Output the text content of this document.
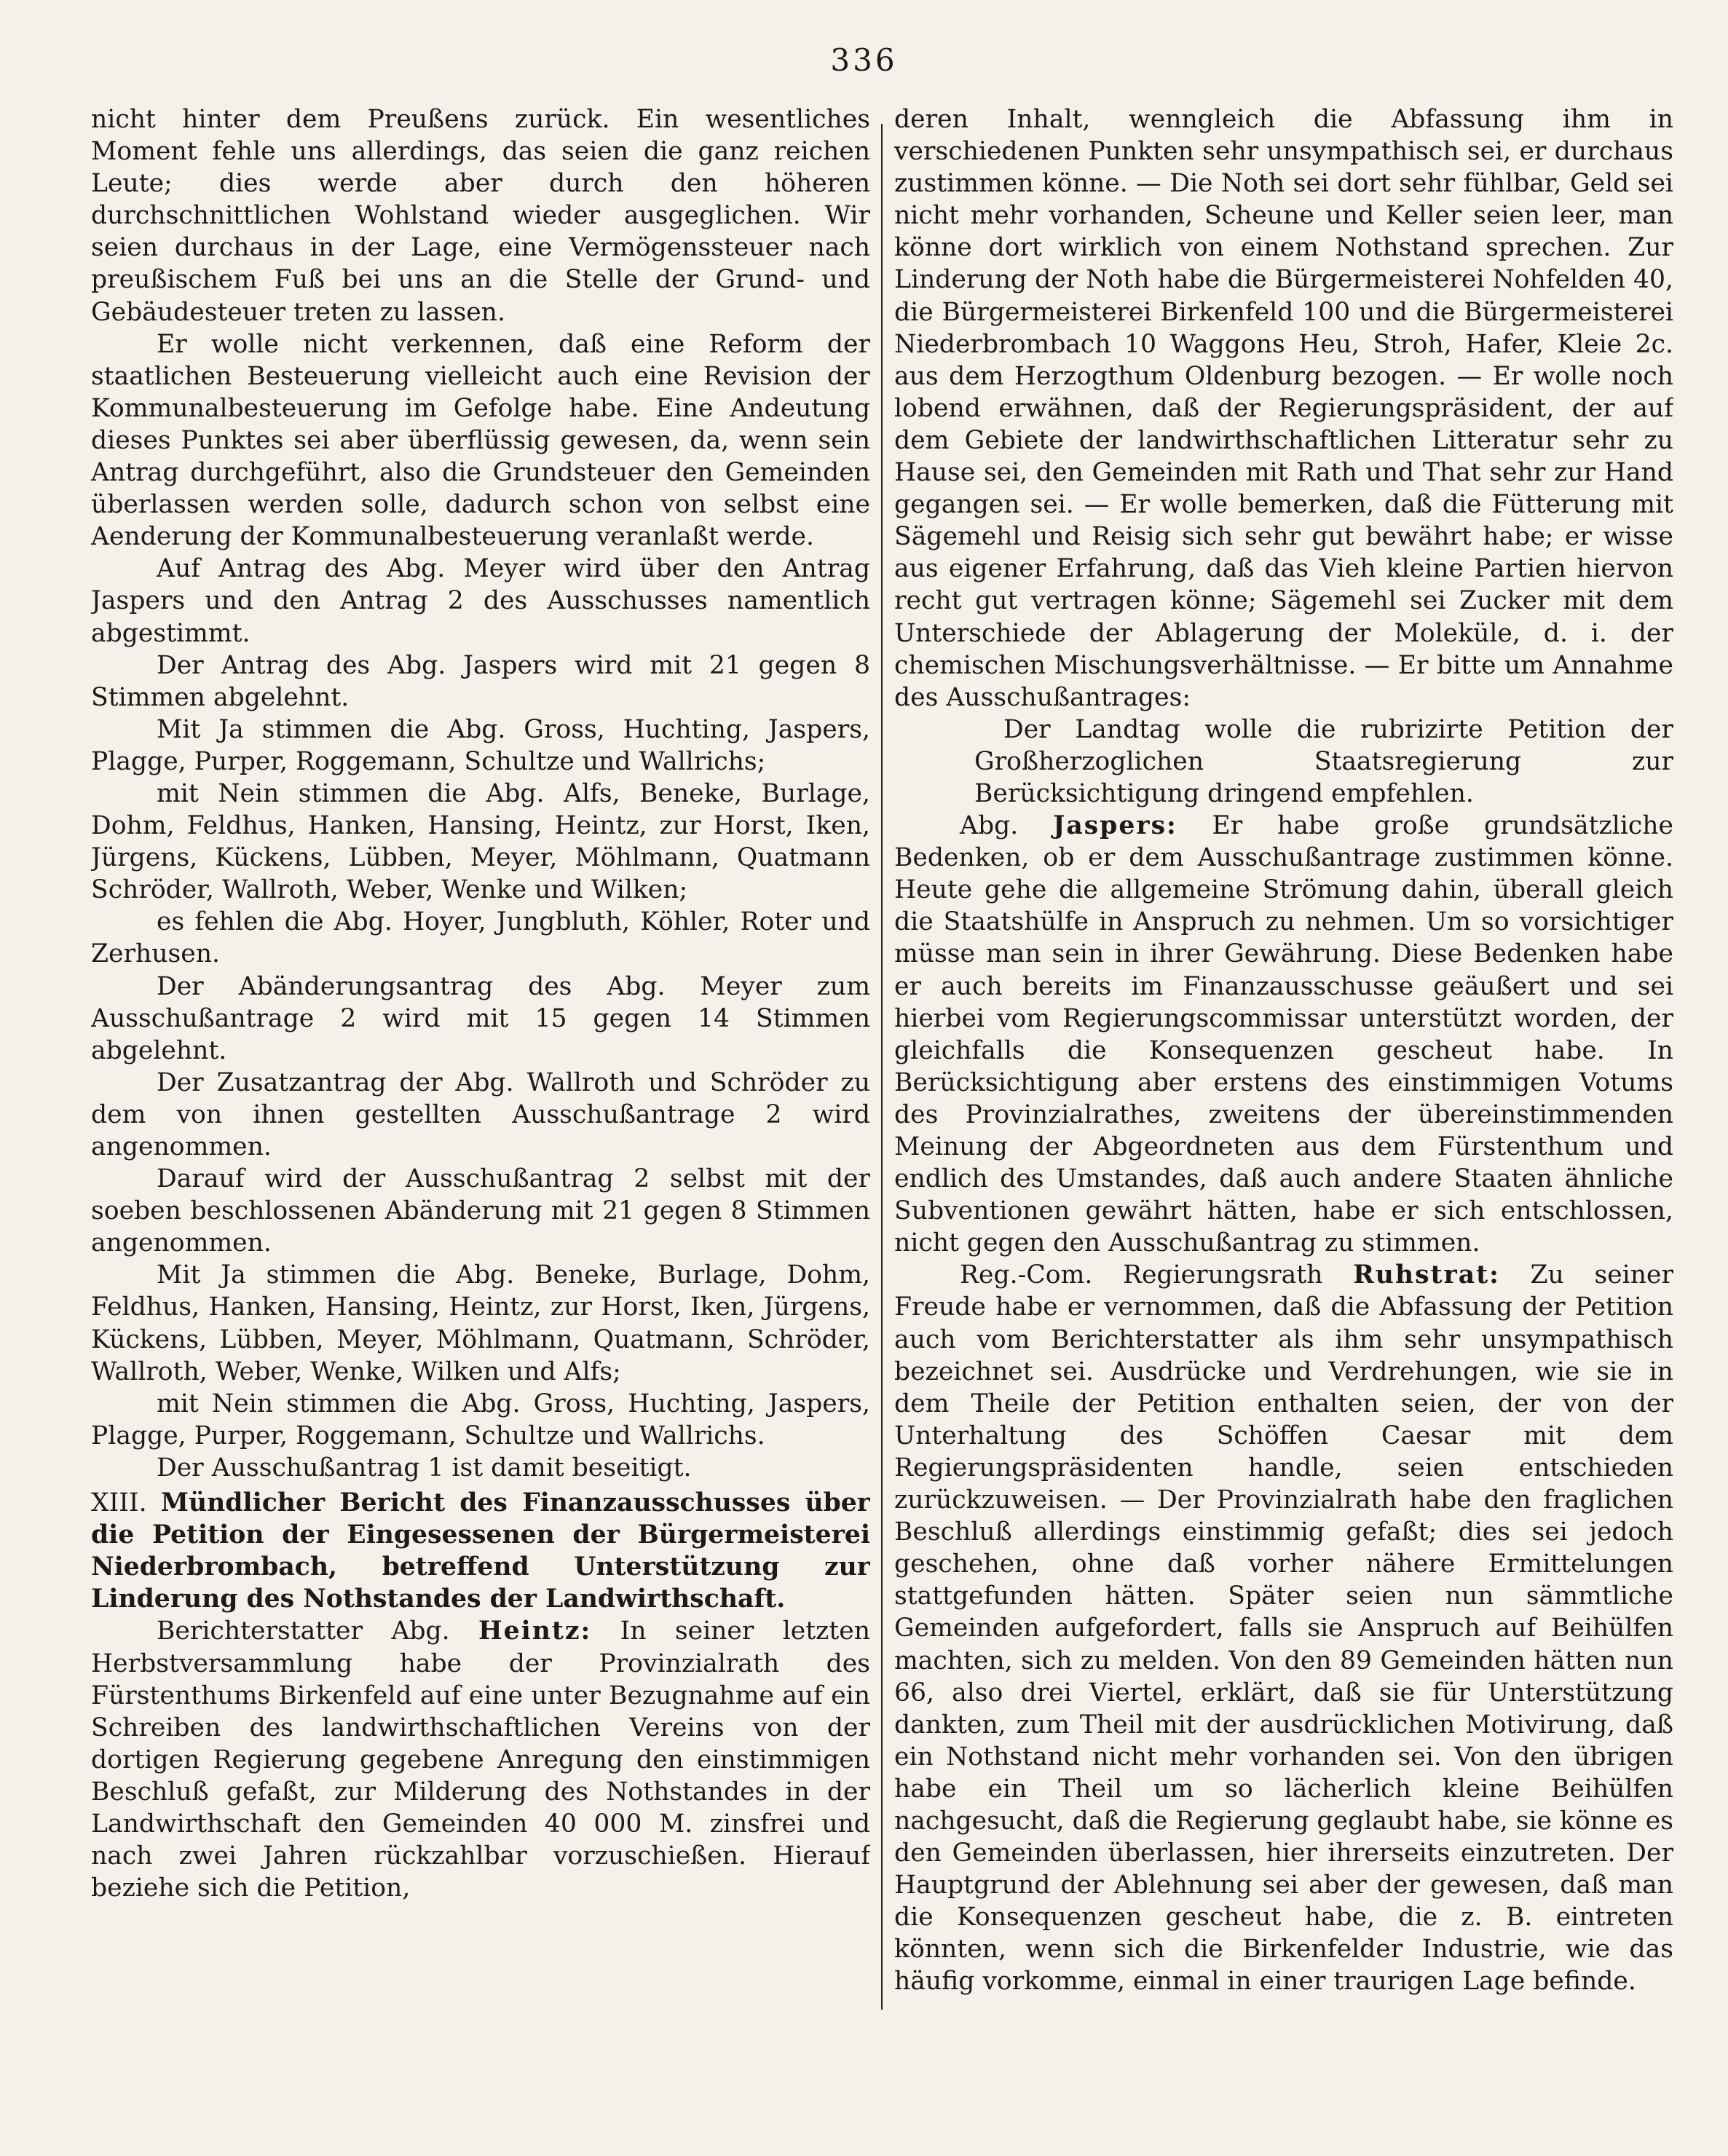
336

nicht hinter dem Preußens zurück. Ein wesentliches Moment fehle uns allerdings, das seien die ganz reichen Leute; dies werde aber durch den höheren durchschnittlichen Wohlstand wieder ausgeglichen. Wir seien durchaus in der Lage, eine Vermögenssteuer nach preußischem Fuß bei uns an die Stelle der Grund- und Gebäudesteuer treten zu lassen.

Er wolle nicht verkennen, daß eine Reform der staatlichen Besteuerung vielleicht auch eine Revision der Kommunalbesteuerung im Gefolge habe. Eine Andeutung dieses Punktes sei aber überflüssig gewesen, da, wenn sein Antrag durchgeführt, also die Grundsteuer den Gemeinden überlassen werden solle, dadurch schon von selbst eine Aenderung der Kommunalbesteuerung veranlaßt werde.

Auf Antrag des Abg. Meyer wird über den Antrag Jaspers und den Antrag 2 des Ausschusses namentlich abgestimmt.

Der Antrag des Abg. Jaspers wird mit 21 gegen 8 Stimmen abgelehnt.

Mit Ja stimmen die Abg. Gross, Huchting, Jaspers, Plagge, Purper, Roggemann, Schultze und Wallrichs;

mit Nein stimmen die Abg. Alfs, Beneke, Burlage, Dohm, Feldhus, Hanken, Hansing, Heintz, zur Horst, Iken, Jürgens, Kückens, Lübben, Meyer, Möhlmann, Quatmann Schröder, Wallroth, Weber, Wenke und Wilken;

es fehlen die Abg. Hoyer, Jungbluth, Köhler, Roter und Zerhusen.

Der Abänderungsantrag des Abg. Meyer zum Ausschußantrage 2 wird mit 15 gegen 14 Stimmen abgelehnt.

Der Zusatzantrag der Abg. Wallroth und Schröder zu dem von ihnen gestellten Ausschußantrage 2 wird angenommen.

Darauf wird der Ausschußantrag 2 selbst mit der soeben beschlossenen Abänderung mit 21 gegen 8 Stimmen angenommen.

Mit Ja stimmen die Abg. Beneke, Burlage, Dohm, Feldhus, Hanken, Hansing, Heintz, zur Horst, Iken, Jürgens, Kückens, Lübben, Meyer, Möhlmann, Quatmann, Schröder, Wallroth, Weber, Wenke, Wilken und Alfs;

mit Nein stimmen die Abg. Gross, Huchting, Jaspers, Plagge, Purper, Roggemann, Schultze und Wallrichs.

Der Ausschußantrag 1 ist damit beseitigt.

XIII. Mündlicher Bericht des Finanzausschusses über die Petition der Eingesessenen der Bürgermeisterei Niederbrombach, betreffend Unterstützung zur Linderung des Nothstandes der Landwirthschaft.

Berichterstatter Abg. Heintz: In seiner letzten Herbstversammlung habe der Provinzialrath des Fürstenthums Birkenfeld auf eine unter Bezugnahme auf ein Schreiben des landwirthschaftlichen Vereins von der dortigen Regierung gegebene Anregung den einstimmigen Beschluß gefaßt, zur Milderung des Nothstandes in der Landwirthschaft den Gemeinden 40 000 M. zinsfrei und nach zwei Jahren rückzahlbar vorzuschießen. Hierauf beziehe sich die Petition,

deren Inhalt, wenngleich die Abfassung ihm in verschiedenen Punkten sehr unsympathisch sei, er durchaus zustimmen könne. — Die Noth sei dort sehr fühlbar, Geld sei nicht mehr vorhanden, Scheune und Keller seien leer, man könne dort wirklich von einem Nothstand sprechen. Zur Linderung der Noth habe die Bürgermeisterei Nohfelden 40, die Bürgermeisterei Birkenfeld 100 und die Bürgermeisterei Niederbrombach 10 Waggons Heu, Stroh, Hafer, Kleie 2c. aus dem Herzogthum Oldenburg bezogen. — Er wolle noch lobend erwähnen, daß der Regierungspräsident, der auf dem Gebiete der landwirthschaftlichen Litteratur sehr zu Hause sei, den Gemeinden mit Rath und That sehr zur Hand gegangen sei. — Er wolle bemerken, daß die Fütterung mit Sägemehl und Reisig sich sehr gut bewährt habe; er wisse aus eigener Erfahrung, daß das Vieh kleine Partien hiervon recht gut vertragen könne; Sägemehl sei Zucker mit dem Unterschiede der Ablagerung der Moleküle, d. i. der chemischen Mischungsverhältnisse. — Er bitte um Annahme des Ausschußantrages:

Der Landtag wolle die rubrizirte Petition der Großherzoglichen Staatsregierung zur Berücksichtigung dringend empfehlen.

Abg. Jaspers: Er habe große grundsätzliche Bedenken, ob er dem Ausschußantrage zustimmen könne. Heute gehe die allgemeine Strömung dahin, überall gleich die Staatshülfe in Anspruch zu nehmen. Um so vorsichtiger müsse man sein in ihrer Gewährung. Diese Bedenken habe er auch bereits im Finanzausschusse geäußert und sei hierbei vom Regierungscommissar unterstützt worden, der gleichfalls die Konsequenzen gescheut habe. In Berücksichtigung aber erstens des einstimmigen Votums des Provinzialrathes, zweitens der übereinstimmenden Meinung der Abgeordneten aus dem Fürstenthum und endlich des Umstandes, daß auch andere Staaten ähnliche Subventionen gewährt hätten, habe er sich entschlossen, nicht gegen den Ausschußantrag zu stimmen.

Reg.-Com. Regierungsrath Ruhstrat: Zu seiner Freude habe er vernommen, daß die Abfassung der Petition auch vom Berichterstatter als ihm sehr unsympathisch bezeichnet sei. Ausdrücke und Verdrehungen, wie sie in dem Theile der Petition enthalten seien, der von der Unterhaltung des Schöffen Caesar mit dem Regierungspräsidenten handle, seien entschieden zurückzuweisen. — Der Provinzialrath habe den fraglichen Beschluß allerdings einstimmig gefaßt; dies sei jedoch geschehen, ohne daß vorher nähere Ermittelungen stattgefunden hätten. Später seien nun sämmtliche Gemeinden aufgefordert, falls sie Anspruch auf Beihülfen machten, sich zu melden. Von den 89 Gemeinden hätten nun 66, also drei Viertel, erklärt, daß sie für Unterstützung dankten, zum Theil mit der ausdrücklichen Motivirung, daß ein Nothstand nicht mehr vorhanden sei. Von den übrigen habe ein Theil um so lächerlich kleine Beihülfen nachgesucht, daß die Regierung geglaubt habe, sie könne es den Gemeinden überlassen, hier ihrerseits einzutreten. Der Hauptgrund der Ablehnung sei aber der gewesen, daß man die Konsequenzen gescheut habe, die z. B. eintreten könnten, wenn sich die Birkenfelder Industrie, wie das häufig vorkomme, einmal in einer traurigen Lage befinde.
